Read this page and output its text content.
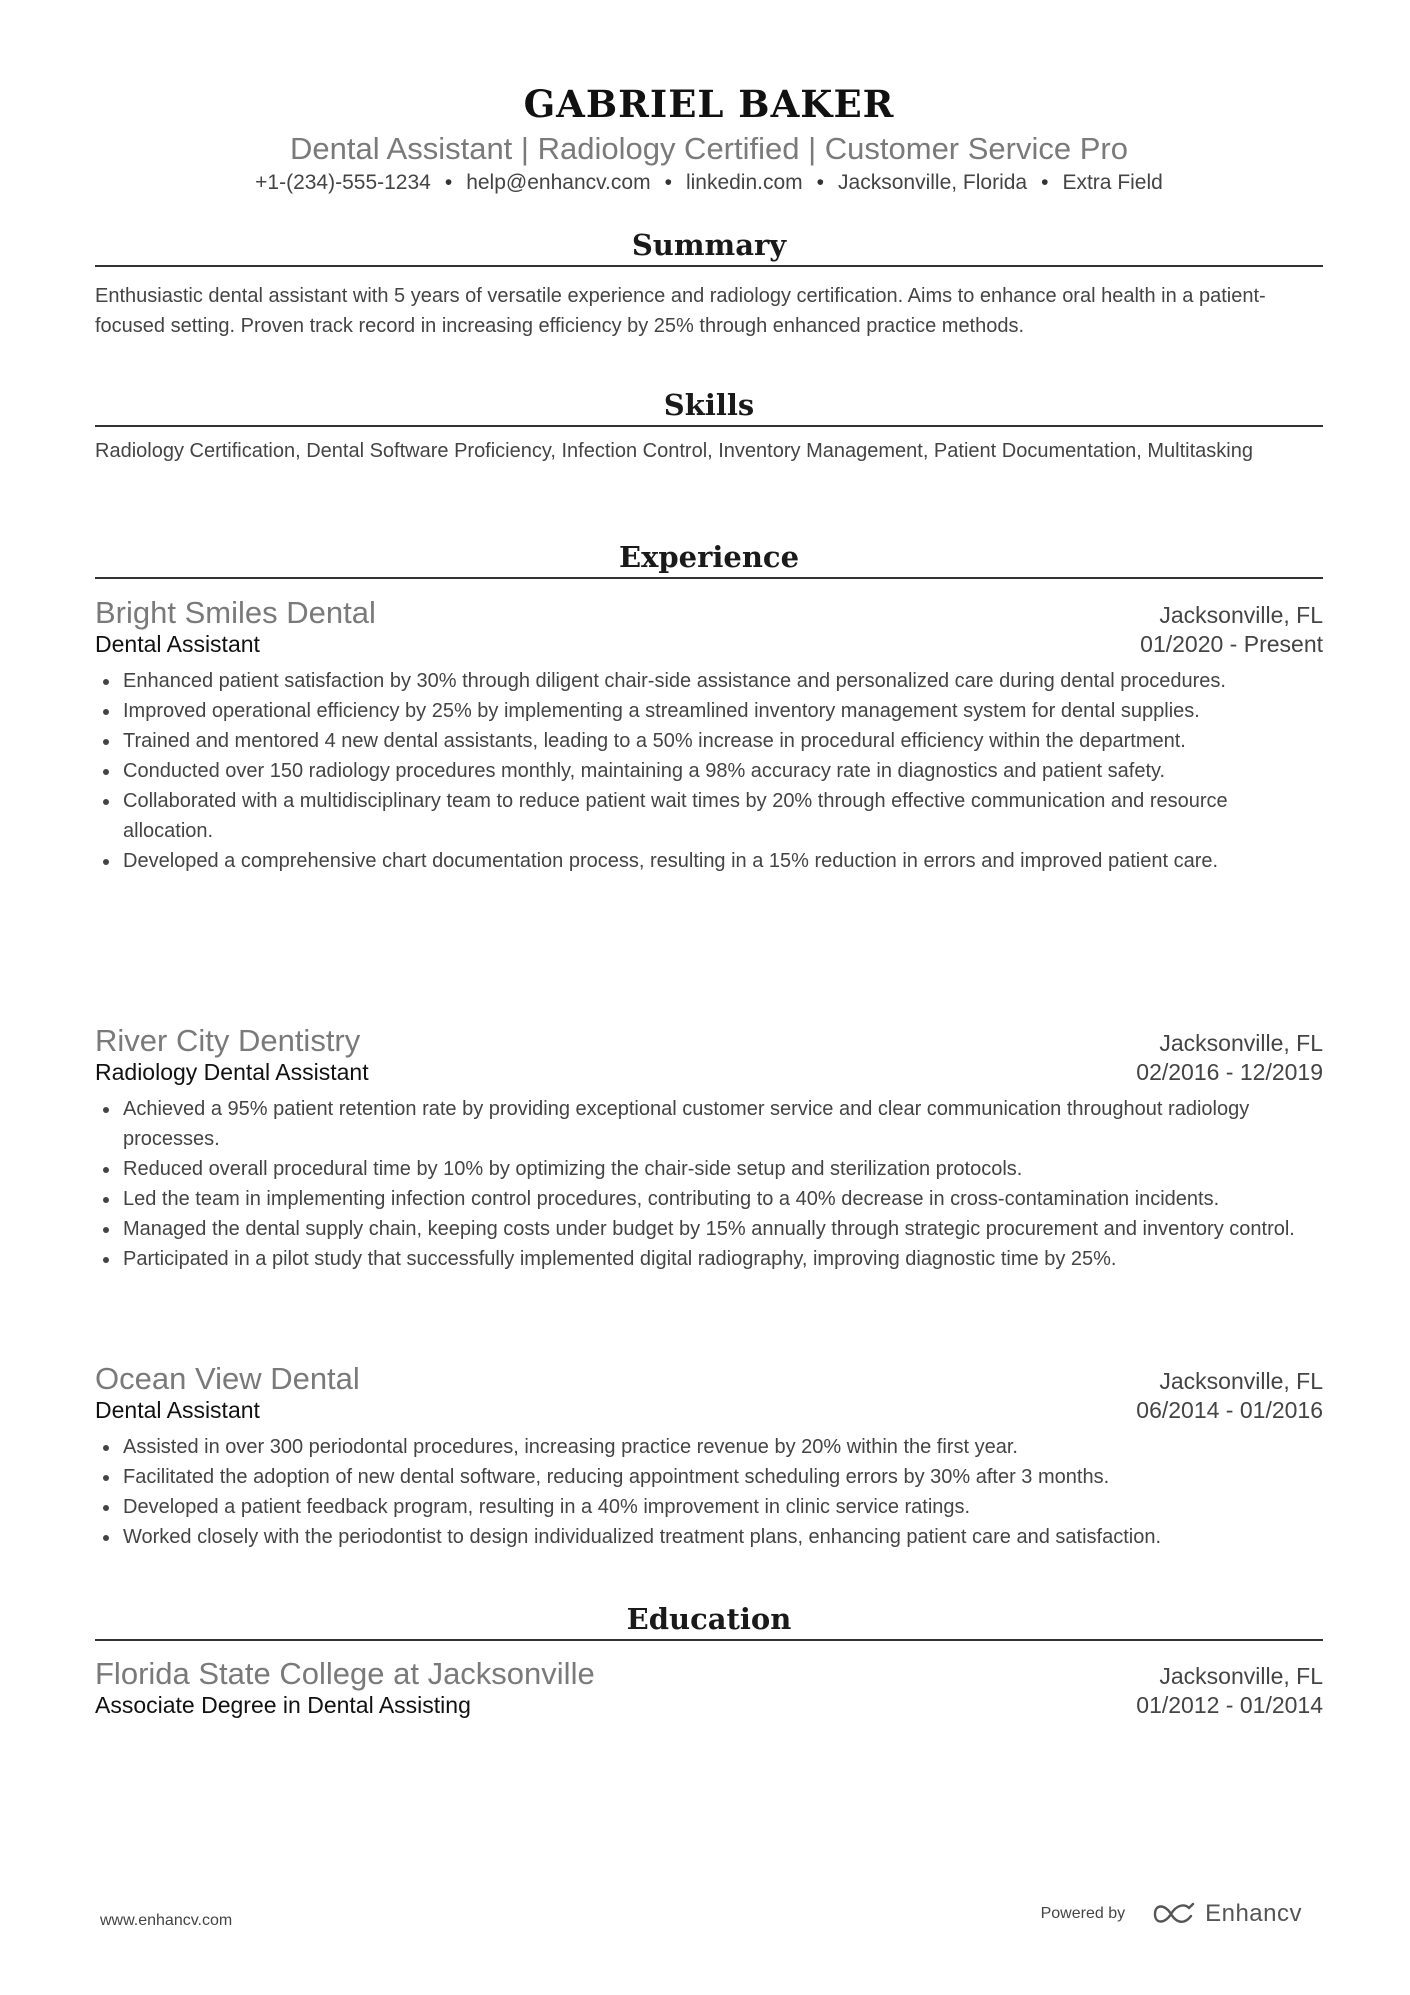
GABRIEL BAKER
Dental Assistant | Radiology Certified | Customer Service Pro
+1-(234)-555-1234 • help@enhancv.com • linkedin.com • Jacksonville, Florida • Extra Field
Summary
Enthusiastic dental assistant with 5 years of versatile experience and radiology certification. Aims to enhance oral health in a patient-focused setting. Proven track record in increasing efficiency by 25% through enhanced practice methods.
Skills
Radiology Certification, Dental Software Proficiency, Infection Control, Inventory Management, Patient Documentation, Multitasking
Experience
Bright Smiles Dental	Jacksonville, FL
Dental Assistant	01/2020 - Present
Enhanced patient satisfaction by 30% through diligent chair-side assistance and personalized care during dental procedures.
Improved operational efficiency by 25% by implementing a streamlined inventory management system for dental supplies.
Trained and mentored 4 new dental assistants, leading to a 50% increase in procedural efficiency within the department.
Conducted over 150 radiology procedures monthly, maintaining a 98% accuracy rate in diagnostics and patient safety.
Collaborated with a multidisciplinary team to reduce patient wait times by 20% through effective communication and resource allocation.
Developed a comprehensive chart documentation process, resulting in a 15% reduction in errors and improved patient care.
River City Dentistry	Jacksonville, FL
Radiology Dental Assistant	02/2016 - 12/2019
Achieved a 95% patient retention rate by providing exceptional customer service and clear communication throughout radiology processes.
Reduced overall procedural time by 10% by optimizing the chair-side setup and sterilization protocols.
Led the team in implementing infection control procedures, contributing to a 40% decrease in cross-contamination incidents.
Managed the dental supply chain, keeping costs under budget by 15% annually through strategic procurement and inventory control.
Participated in a pilot study that successfully implemented digital radiography, improving diagnostic time by 25%.
Ocean View Dental	Jacksonville, FL
Dental Assistant	06/2014 - 01/2016
Assisted in over 300 periodontal procedures, increasing practice revenue by 20% within the first year.
Facilitated the adoption of new dental software, reducing appointment scheduling errors by 30% after 3 months.
Developed a patient feedback program, resulting in a 40% improvement in clinic service ratings.
Worked closely with the periodontist to design individualized treatment plans, enhancing patient care and satisfaction.
Education
Florida State College at Jacksonville	Jacksonville, FL
Associate Degree in Dental Assisting	01/2012 - 01/2014
www.enhancv.com	Powered by	Enhancv
